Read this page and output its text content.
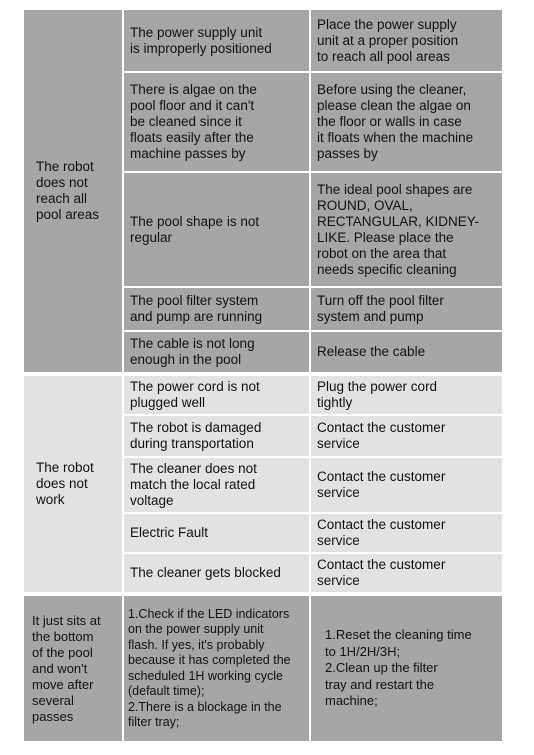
The robot
does not
reach all
pool areas
The power supply unit
is improperly positioned
Place the power supply
unit at a proper position
to reach all pool areas
There is algae on the
pool floor and it can't
be cleaned since it
floats easily after the
machine passes by
Before using the cleaner,
please clean the algae on
the floor or walls in case
it floats when the machine
passes by
The pool shape is not
regular
The ideal pool shapes are
ROUND, OVAL,
RECTANGULAR, KIDNEY-
LIKE. Please place the
robot on the area that
needs specific cleaning
The pool filter system
and pump are running
Turn off the pool filter
system and pump
The cable is not long
enough in the pool
Release the cable
The robot
does not
work
The power cord is not
plugged well
Plug the power cord
tightly
The robot is damaged
during transportation
Contact the customer
service
The cleaner does not
match the local rated
voltage
Contact the customer
service
Electric Fault
Contact the customer
service
The cleaner gets blocked
Contact the customer
service
It just sits at
the bottom
of the pool
and won't
move after
several
passes
1.Check if the LED indicators
on the power supply unit
flash. If yes, it's probably
because it has completed the
scheduled 1H working cycle
(default time);
2.There is a blockage in the
filter tray;
1.Reset the cleaning time
to 1H/2H/3H;
2.Clean up the filter
tray and restart the
machine;
